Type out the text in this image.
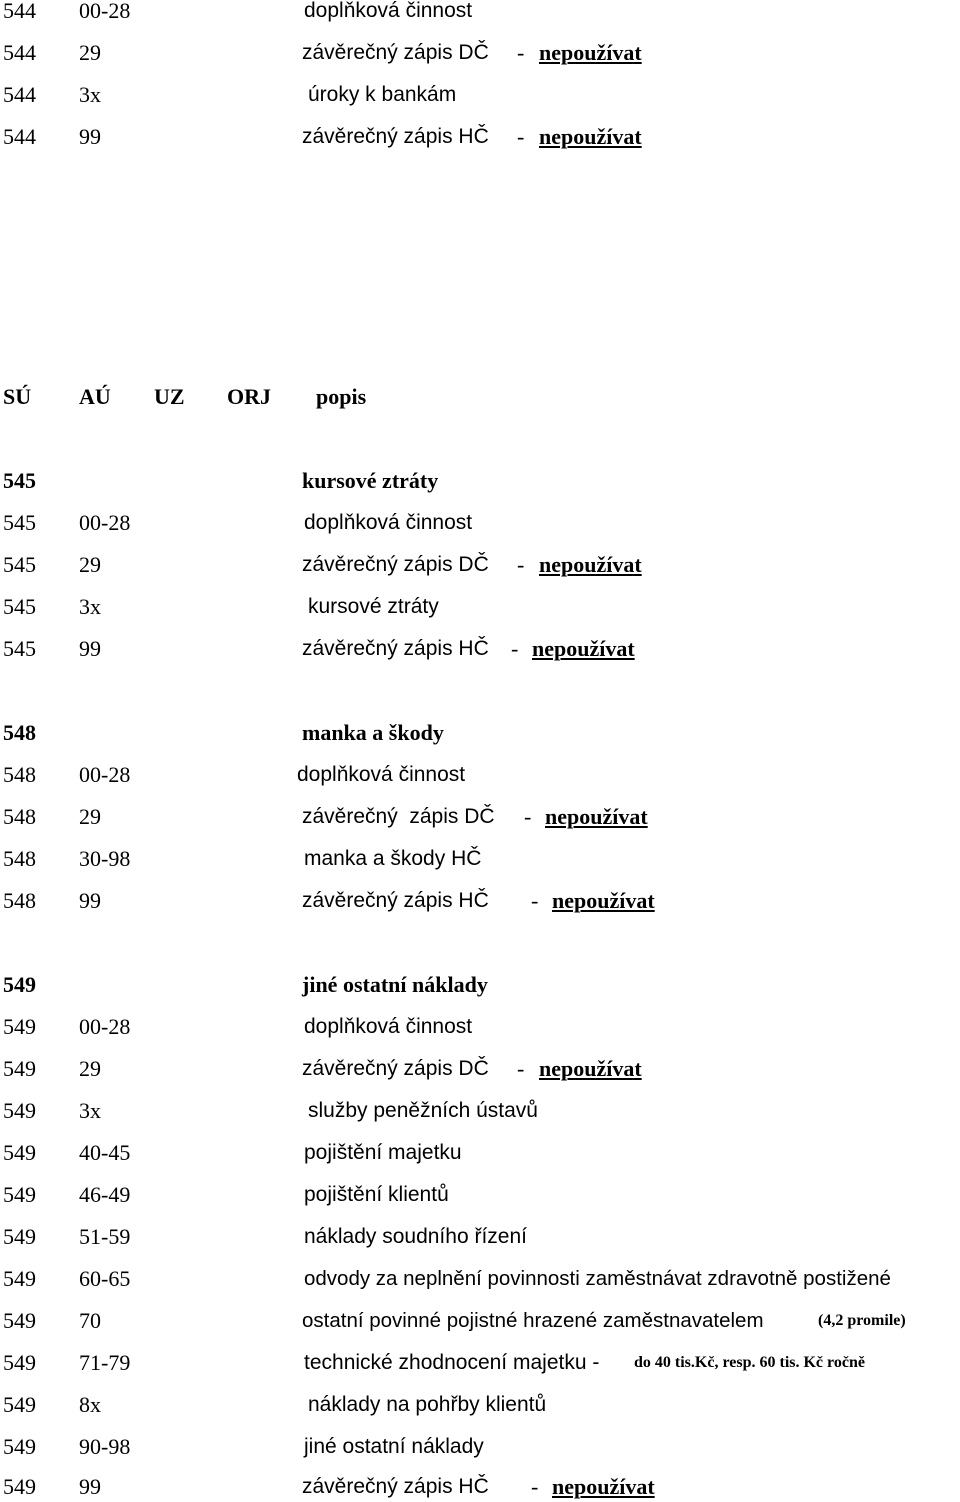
544 00-28	doplňková činnost
544 29	závěrečný zápis DČ - nepoužívat
544 3x	úroky k bankám
544 99	závěrečný zápis HČ - nepoužívat
SÚ AÚ UZ ORJ popis
545	kursové ztráty
545 00-28	doplňková činnost
545 29	závěrečný zápis DČ - nepoužívat
545 3x	kursové ztráty
545 99	závěrečný zápis HČ - nepoužívat
548	manka a škody
548 00-28	doplňková činnost
548 29	závěrečný  zápis DČ - nepoužívat
548 30-98	manka a škody HČ
548 99	závěrečný zápis HČ - nepoužívat
549	jiné ostatní náklady
549 00-28	doplňková činnost
549 29	závěrečný zápis DČ - nepoužívat
549 3x	služby peněžních ústavů
549 40-45	pojištění majetku
549 46-49	pojištění klientů
549 51-59	náklady soudního řízení
549 60-65	odvody za neplnění povinnosti zaměstnávat zdravotně postižené
549 70	ostatní povinné pojistné hrazené zaměstnavatelem	(4,2 promile)
549 71-79	technické zhodnocení majetku - do 40 tis.Kč, resp. 60 tis. Kč ročně
549 8x	náklady na pohřby klientů
549 90-98	jiné ostatní náklady
549 99	závěrečný zápis HČ - nepoužívat
